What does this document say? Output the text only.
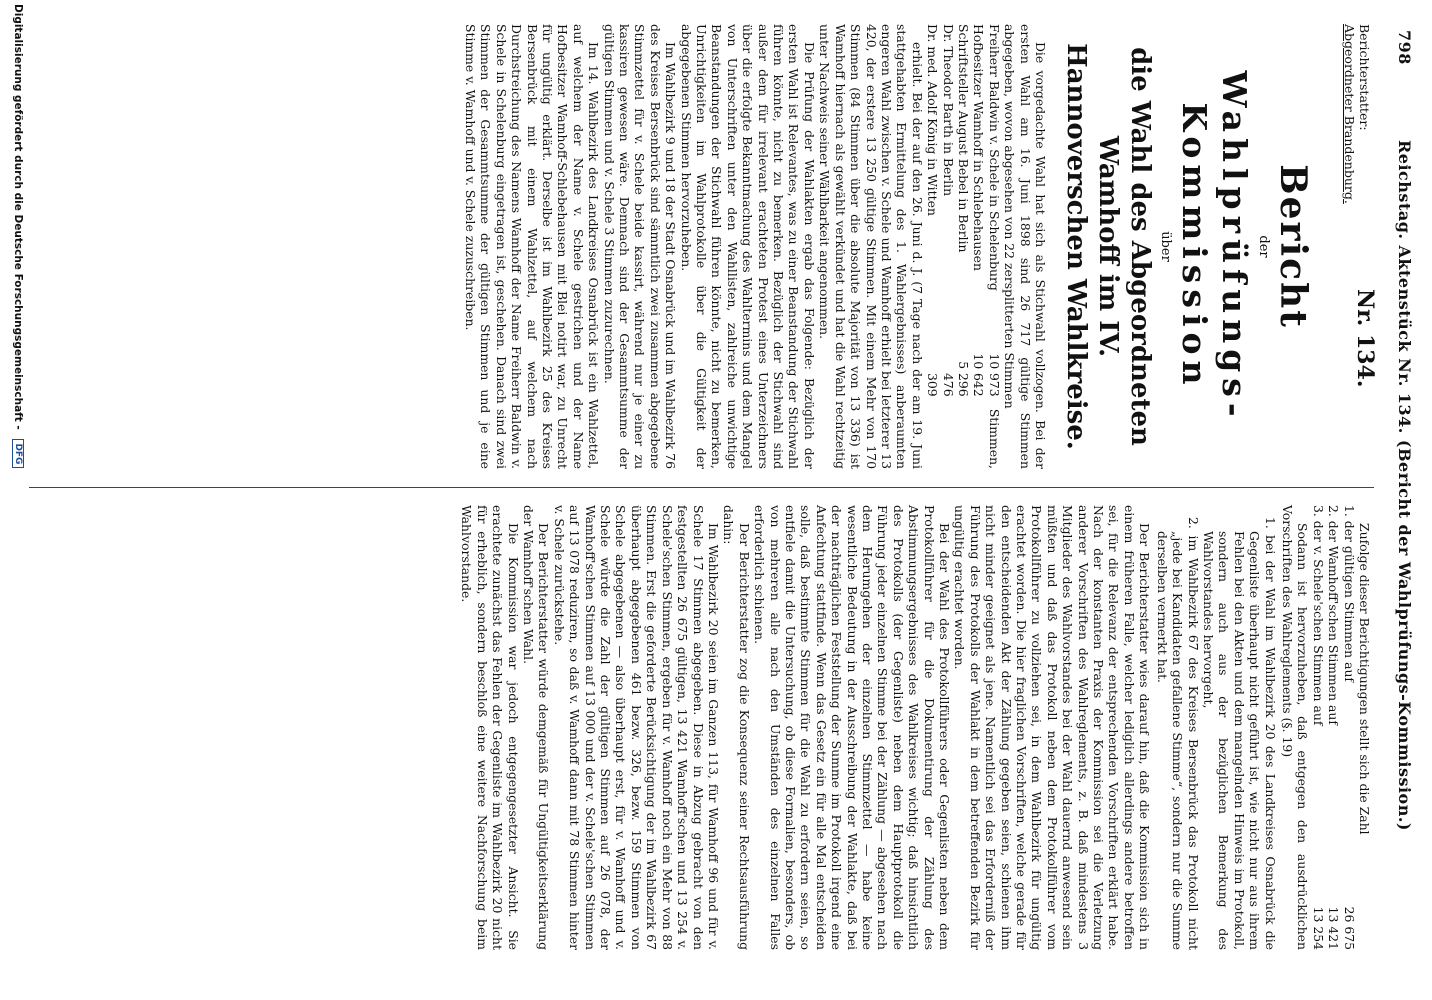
798
Reichstag. Aktenstück Nr. 134. (Bericht der Wahlprüfungs-Kommission.)
Berichterstatter:
Abgeordneter Brandenburg.
Nr. 134.
Bericht
der
Wahlprüfungs-Kommission
über
die Wahl des Abgeordneten Wamhoff im IV. Hannoverschen Wahlkreise.

Die vorgedachte Wahl hat sich als Stichwahl vollzogen. Bei der ersten Wahl am 16. Juni 1898 sind 26 717 gültige Stimmen abgegeben, wovon abgesehen von 22 zersplitterten Stimmen

Freiherr Baldwin v. Schele in Schelenburg	10 973	Stimmen,
Hofbesitzer Wamhoff in Schlebehausen	10 642	
Schriftsteller August Bebel in Berlin	5 296	
Dr. Theodor Barth in Berlin	476	
Dr. med. Adolf König in Witten	309	

erhielt. Bei der auf den 26. Juni d. J. (7 Tage nach der am 19. Juni stattgehabten Ermittelung des 1. Wahlergebnisses) anberaumten engeren Wahl zwischen v. Schele und Wamhoff erhielt bei letzterer 13 420, der erstere 13 250 gültige Stimmen. Mit einem Mehr von 170 Stimmen (84 Stimmen über die absolute Majorität von 13 336) ist Wamhoff hiernach als gewählt verkündet und hat die Wahl rechtzeitig unter Nachweis seiner Wählbarkeit angenommen.

Die Prüfung der Wahlakten ergab das Folgende: Bezüglich der ersten Wahl ist Relevantes, was zu einer Beanstandung der Stichwahl führen könnte, nicht zu bemerken. Bezüglich der Stichwahl sind außer dem für irrelevant erachteten Protest eines Unterzeichners über die erfolgte Bekanntmachung des Wahltermins und dem Mangel von Unterschriften unter den Wahllisten, zahlreiche unwichtige Beanstandungen der Stichwahl führen könnte, nicht zu bemerken, Unrichtigkeiten im Wahlprotokolle über die Gültigkeit der abgegebenen Stimmen hervorzuheben.

Im Wahlbezirk 9 und 18 der Stadt Osnabrück und im Wahlbezirk 76 des Kreises Bersenbrück sind sämmtlich zwei zusammen abgegebene Stimmzettel für v. Schele beide kassirt, während nur je einer zu kassiren gewesen wäre. Demnach sind der Gesammtsumme der gültigen Stimmen und v. Schele 3 Stimmen zuzurechnen.

Im 14. Wahlbezirk des Landkreises Osnabrück ist ein Wahlzettel, auf welchem der Name v. Schele gestrichen und der Name Hofbesitzer Wamhoff-Schlebehausen mit Blei notirt war, zu Unrecht für ungültig erklärt. Derselbe ist im Wahlbezirk 25 des Kreises Bersenbrück mit einem Wahlzettel, auf welchem nach Durchstreichung des Namens Wamhoff der Name Freiherr Baldwin v. Schele in Schelenburg eingetragen ist, geschehen. Danach sind zwei Stimmen der Gesammtsumme der gültigen Stimmen und je eine Stimme v. Wamhoff und v. Schele zuzuschreiben.

Zufolge dieser Berichtigungen stellt sich die Zahl

1. der gültigen Stimmen auf	26 675
2. der Wamhoff'schen Stimmen auf	13 421
3. der v. Schele'schen Stimmen auf	13 254

Sodann ist hervorzuheben, daß entgegen den ausdrücklichen Vorschriften des Wahlreglements (§. 19)

1. bei der Wahl im Wahlbezirk 20 des Landkreises Osnabrück die Gegenliste überhaupt nicht geführt ist, wie nicht nur aus ihrem Fehlen bei den Akten und dem mangelnden Hinweis im Protokoll, sondern auch aus der bezüglichen Bemerkung des Wahlvorstandes hervorgeht,
2. im Wahlbezirk 67 des Kreises Bersenbrück das Protokoll nicht „jede bei Kandidaten gefallene Stimme“, sondern nur die Summe derselben vermerkt hat.

Der Berichterstatter wies darauf hin, daß die Kommission sich in einem früheren Falle, welcher lediglich allerdings andere betroffen sei, für die Relevanz der entsprechenden Vorschriften erklärt habe. Nach der konstanten Praxis der Kommission sei die Verletzung anderer Vorschriften des Wahlreglements, z. B. daß mindestens 3 Mitglieder des Wahlvorstandes bei der Wahl dauernd anwesend sein müßten und daß das Protokoll neben dem Protokollführer vom Protokollführer zu vollziehen sei, in dem Wahlbezirk für ungültig erachtet worden. Die hier fraglichen Vorschriften, welche gerade für den entscheidenden Akt der Zählung gegeben seien, schienen ihm nicht minder geeignet als jene. Namentlich sei das Erforderniß der Führung des Protokolls der Wahlakt in dem betreffenden Bezirk für ungültig erachtet worden.

Bei der Wahl des Protokollführers oder Gegenlisten neben dem Protokollführer für die Dokumentirung der Zählung des Abstimmungsergebnisses des Wahlkreises wichtig; daß hinsichtlich des Protokolls (der Gegenliste) neben dem Hauptprotokoll die Führung jeder einzelnen Stimme bei der Zählung — abgesehen nach dem Herumgehen der einzelnen Stimmzettel — habe keine wesentliche Bedeutung in der Ausschreibung der Wahlakte, daß bei der nachträglichen Feststellung der Summe im Protokoll irgend eine Anfechtung stattfinde. Wenn das Gesetz ein für alle Mal entscheiden solle, daß bestimmte Stimmen für die Wahl zu erfordern seien, so entfiele damit die Untersuchung, ob diese Formalien, besonders, ob von mehreren alle nach den Umständen des einzelnen Falles erforderlich schienen.

Der Berichterstatter zog die Konsequenz seiner Rechtsausführung dahin:

Im Wahlbezirk 20 seien im Ganzen 113, für Wamhoff 96 und für v. Schele 17 Stimmen abgegeben. Diese in Abzug gebracht von den festgestellten 26 675 gültigen, 13 421 Wamhoff'schen und 13 254 v. Schele'schen Stimmen, ergeben für v. Wamhoff noch ein Mehr von 88 Stimmen. Erst die geforderte Berücksichtigung der im Wahlbezirk 67 überhaupt abgegebenen 461 bezw. 326, bezw. 159 Stimmen von Schele abgegebenen — also überhaupt erst, für v. Wamhoff und v. Schele würde die Zahl der gültigen Stimmen auf 26 078, der Wamhoff'schen Stimmen auf 13 000 und der v. Schele'schen Stimmen auf 13 078 reduziren, so daß v. Wamhoff dann mit 78 Stimmen hinter v. Schele zurückstehe.

Der Berichterstatter würde demgemäß für Ungültigkeitserklärung der Wamhoff'schen Wahl.

Die Kommission war jedoch entgegengesetzter Ansicht. Sie erachtete zunächst das Fehlen der Gegenliste im Wahlbezirk 20 nicht für erheblich, sondern beschloß eine weitere Nachforschung beim Wahlvorstande.

Digitalisierung gefördert durch die Deutsche Forschungsgemeinschaft - DFG
